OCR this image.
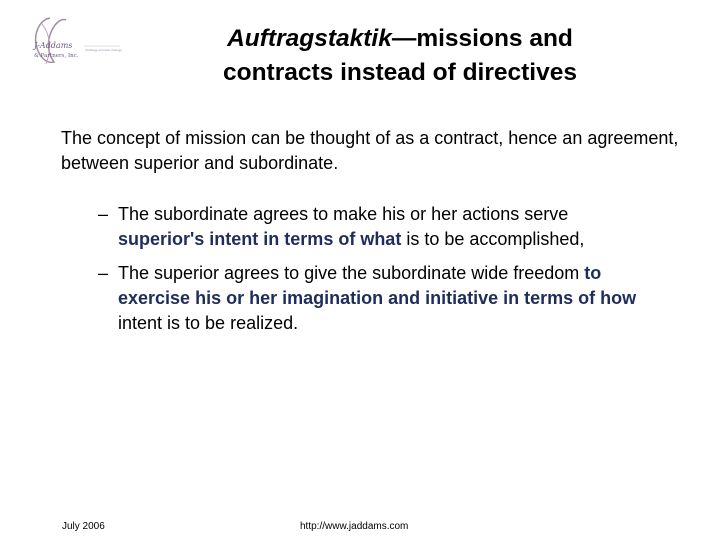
J-Addams
& Partners, Inc.
strategy·process·change	Auftragstaktik—missions and
contracts instead of directives
The concept of mission can be thought of as a contract, hence an agreement, between superior and subordinate.
– The subordinate agrees to make his or her actions serve
superior's intent in terms of what is to be accomplished,
– The superior agrees to give the subordinate wide freedom to exercise his or her imagination and initiative in terms of how intent is to be realized.
July 2006	http://www.jaddams.com
